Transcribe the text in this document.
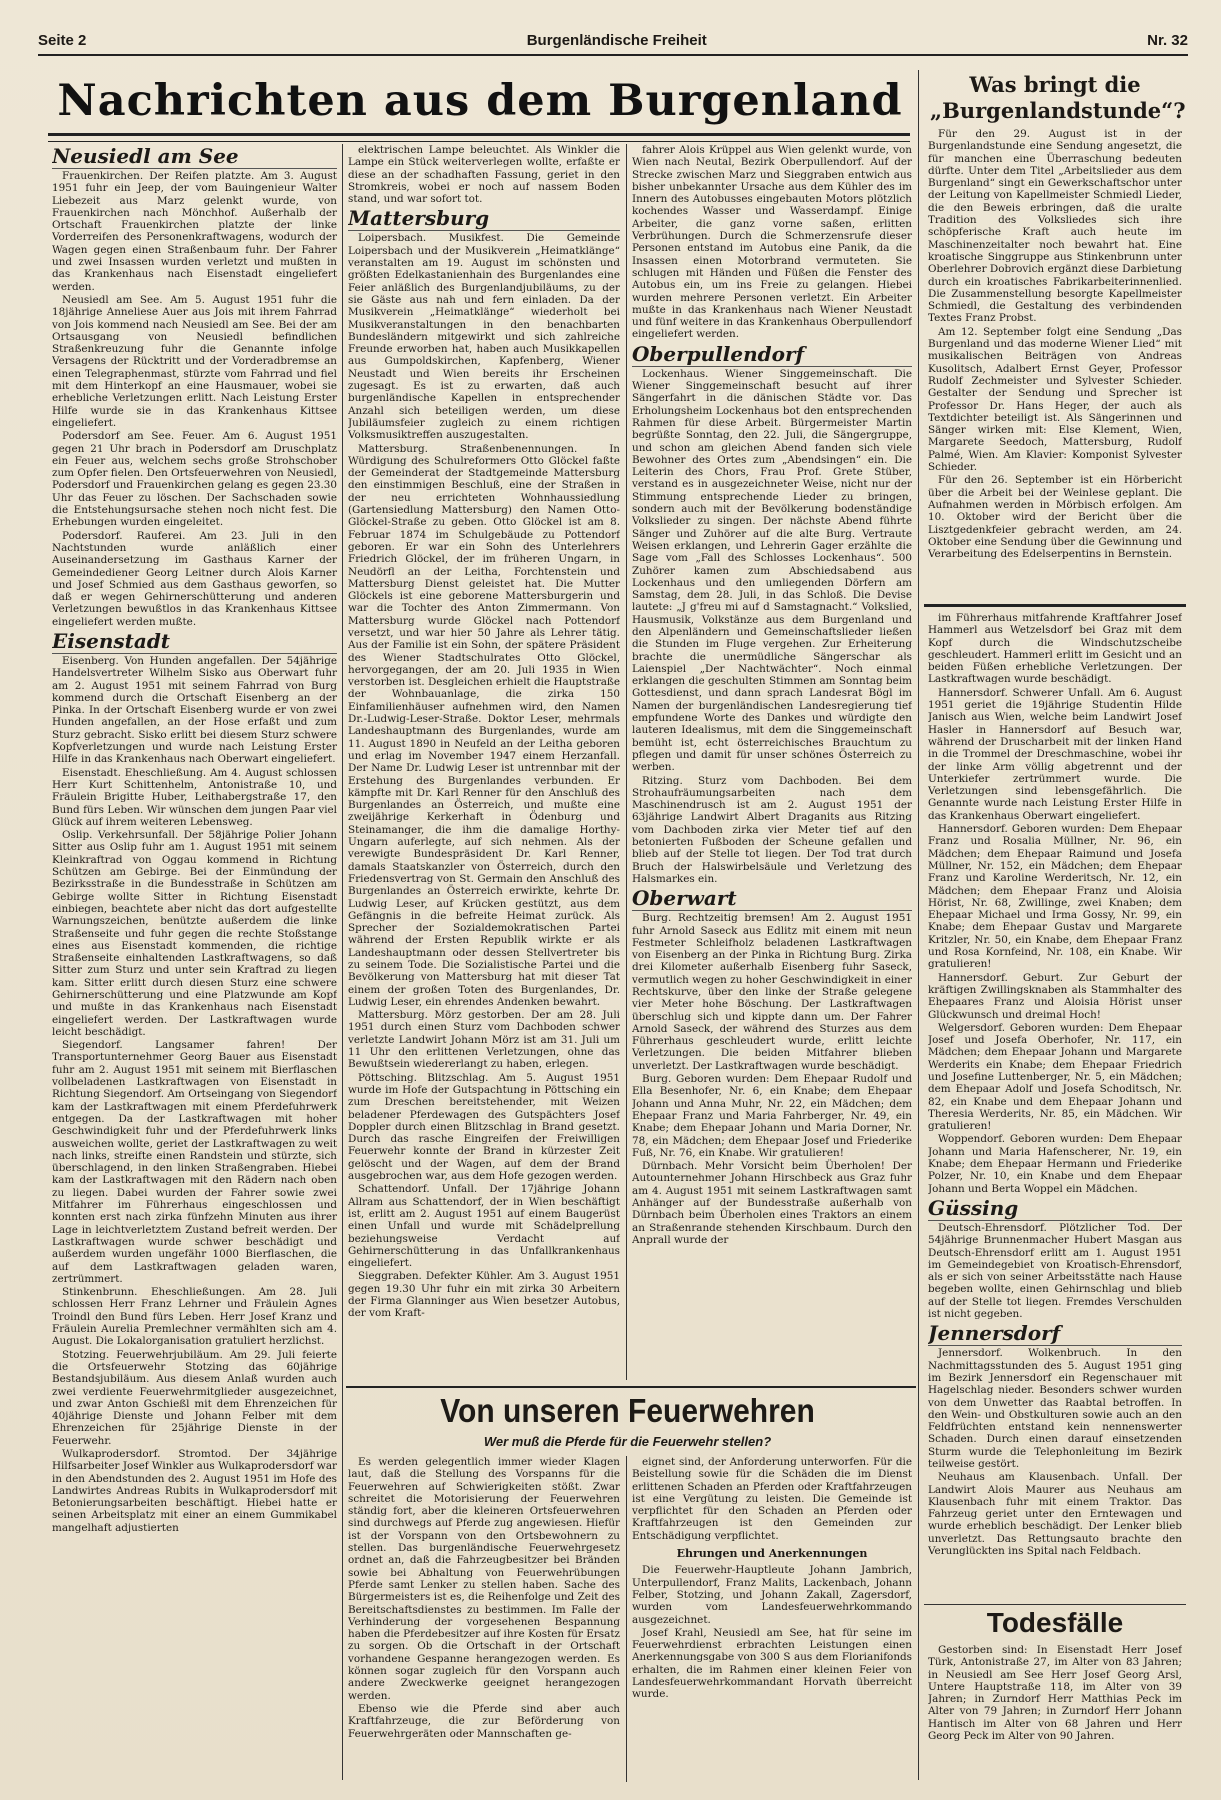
Seite 2	Burgenländische Freiheit	Nr. 32
Nachrichten aus dem Burgenland

Neusiedl am See

Frauenkirchen. Der Reifen platzte. Am 3. August 1951 fuhr ein Jeep, der vom Bauingenieur Walter Liebezeit aus Marz gelenkt wurde, von Frauenkirchen nach Mönchhof. Außerhalb der Ortschaft Frauenkirchen platzte der linke Vorderreifen des Personenkraftwagens, wodurch der Wagen gegen einen Straßenbaum fuhr. Der Fahrer und zwei Insassen wurden verletzt und mußten in das Krankenhaus nach Eisenstadt eingeliefert werden.

Neusiedl am See. Am 5. August 1951 fuhr die 18jährige Anneliese Auer aus Jois mit ihrem Fahrrad von Jois kommend nach Neusiedl am See. Bei der am Ortsausgang von Neusiedl befindlichen Straßenkreuzung fuhr die Genannte infolge Versagens der Rücktritt und der Vorderadbremse an einen Telegraphenmast, stürzte vom Fahrrad und fiel mit dem Hinterkopf an eine Hausmauer, wobei sie erhebliche Verletzungen erlitt. Nach Leistung Erster Hilfe wurde sie in das Krankenhaus Kittsee eingeliefert.

Podersdorf am See. Feuer. Am 6. August 1951 gegen 21 Uhr brach in Podersdorf am Druschplatz ein Feuer aus, welchem sechs große Strohschober zum Opfer fielen. Den Ortsfeuerwehren von Neusiedl, Podersdorf und Frauenkirchen gelang es gegen 23.30 Uhr das Feuer zu löschen. Der Sachschaden sowie die Entstehungsursache stehen noch nicht fest. Die Erhebungen wurden eingeleitet.

Podersdorf. Rauferei. Am 23. Juli in den Nachtstunden wurde anläßlich einer Auseinandersetzung im Gasthaus Karner der Gemeindediener Georg Leitner durch Alois Karner und Josef Schmied aus dem Gasthaus geworfen, so daß er wegen Gehirnerschütterung und anderen Verletzungen bewußtlos in das Krankenhaus Kittsee eingeliefert werden mußte.

Eisenstadt

Eisenberg. Von Hunden angefallen. Der 54jährige Handelsvertreter Wilhelm Sisko aus Oberwart fuhr am 2. August 1951 mit seinem Fahrrad von Burg kommend durch die Ortschaft Eisenberg an der Pinka. In der Ortschaft Eisenberg wurde er von zwei Hunden angefallen, an der Hose erfaßt und zum Sturz gebracht. Sisko erlitt bei diesem Sturz schwere Kopfverletzungen und wurde nach Leistung Erster Hilfe in das Krankenhaus nach Oberwart eingeliefert.

Eisenstadt. Eheschließung. Am 4. August schlossen Herr Kurt Schittenhelm, Antonistraße 10, und Fräulein Brigitte Huber, Leithabergstraße 17, den Bund fürs Leben. Wir wünschen dem jungen Paar viel Glück auf ihrem weiteren Lebensweg.

Oslip. Verkehrsunfall. Der 58jährige Polier Johann Sitter aus Oslip fuhr am 1. August 1951 mit seinem Kleinkraftrad von Oggau kommend in Richtung Schützen am Gebirge. Bei der Einmündung der Bezirksstraße in die Bundesstraße in Schützen am Gebirge wollte Sitter in Richtung Eisenstadt einbiegen, beachtete aber nicht das dort aufgestellte Warnungszeichen, benützte außerdem die linke Straßenseite und fuhr gegen die rechte Stoßstange eines aus Eisenstadt kommenden, die richtige Straßenseite einhaltenden Lastkraftwagens, so daß Sitter zum Sturz und unter sein Kraftrad zu liegen kam. Sitter erlitt durch diesen Sturz eine schwere Gehirnerschütterung und eine Platzwunde am Kopf und mußte in das Krankenhaus nach Eisenstadt eingeliefert werden. Der Lastkraftwagen wurde leicht beschädigt.

Siegendorf. Langsamer fahren! Der Transportunternehmer Georg Bauer aus Eisenstadt fuhr am 2. August 1951 mit seinem mit Bierflaschen vollbeladenen Lastkraftwagen von Eisenstadt in Richtung Siegendorf. Am Ortseingang von Siegendorf kam der Lastkraftwagen mit einem Pferdefuhrwerk entgegen. Da der Lastkraftwagen mit hoher Geschwindigkeit fuhr und der Pferdefuhrwerk links ausweichen wollte, geriet der Lastkraftwagen zu weit nach links, streifte einen Randstein und stürzte, sich überschlagend, in den linken Straßengraben. Hiebei kam der Lastkraftwagen mit den Rädern nach oben zu liegen. Dabei wurden der Fahrer sowie zwei Mitfahrer im Führerhaus eingeschlossen und konnten erst nach zirka fünfzehn Minuten aus ihrer Lage in leichtverletztem Zustand befreit werden. Der Lastkraftwagen wurde schwer beschädigt und außerdem wurden ungefähr 1000 Bierflaschen, die auf dem Lastkraftwagen geladen waren, zertrümmert.

Stinkenbrunn. Eheschließungen. Am 28. Juli schlossen Herr Franz Lehrner und Fräulein Agnes Troindl den Bund fürs Leben. Herr Josef Kranz und Fräulein Aurelia Premlechner vermählten sich am 4. August. Die Lokalorganisation gratuliert herzlichst.

Stotzing. Feuerwehrjubiläum. Am 29. Juli feierte die Ortsfeuerwehr Stotzing das 60jährige Bestandsjubiläum. Aus diesem Anlaß wurden auch zwei verdiente Feuerwehrmitglieder ausgezeichnet, und zwar Anton Gschießl mit dem Ehrenzeichen für 40jährige Dienste und Johann Felber mit dem Ehrenzeichen für 25jährige Dienste in der Feuerwehr.

Wulkaprodersdorf. Stromtod. Der 34jährige Hilfsarbeiter Josef Winkler aus Wulkaprodersdorf war in den Abendstunden des 2. August 1951 im Hofe des Landwirtes Andreas Rubits in Wulkaprodersdorf mit Betonierungsarbeiten beschäftigt. Hiebei hatte er seinen Arbeitsplatz mit einer an einem Gummikabel mangelhaft adjustierten

elektrischen Lampe beleuchtet. Als Winkler die Lampe ein Stück weiterverlegen wollte, erfaßte er diese an der schadhaften Fassung, geriet in den Stromkreis, wobei er noch auf nassem Boden stand, und war sofort tot.

Mattersburg

Loipersbach. Musikfest. Die Gemeinde Loipersbach und der Musikverein „Heimatklänge“ veranstalten am 19. August im schönsten und größten Edelkastanienhain des Burgenlandes eine Feier anläßlich des Burgenlandjubiläums, zu der sie Gäste aus nah und fern einladen. Da der Musikverein „Heimatklänge“ wiederholt bei Musikveranstaltungen in den benachbarten Bundesländern mitgewirkt und sich zahlreiche Freunde erworben hat, haben auch Musikkapellen aus Gumpoldskirchen, Kapfenberg, Wiener Neustadt und Wien bereits ihr Erscheinen zugesagt. Es ist zu erwarten, daß auch burgenländische Kapellen in entsprechender Anzahl sich beteiligen werden, um diese Jubiläumsfeier zugleich zu einem richtigen Volksmusiktreffen auszugestalten.

Mattersburg. Straßenbenennungen. In Würdigung des Schulreformers Otto Glöckel faßte der Gemeinderat der Stadtgemeinde Mattersburg den einstimmigen Beschluß, eine der Straßen in der neu errichteten Wohnhaussiedlung (Gartensiedlung Mattersburg) den Namen Otto-Glöckel-Straße zu geben. Otto Glöckel ist am 8. Februar 1874 im Schulgebäude zu Pottendorf geboren. Er war ein Sohn des Unterlehrers Friedrich Glöckel, der im früheren Ungarn, in Neudörfl an der Leitha, Forchtenstein und Mattersburg Dienst geleistet hat. Die Mutter Glöckels ist eine geborene Mattersburgerin und war die Tochter des Anton Zimmermann. Von Mattersburg wurde Glöckel nach Pottendorf versetzt, und war hier 50 Jahre als Lehrer tätig. Aus der Familie ist ein Sohn, der spätere Präsident des Wiener Stadtschulrates Otto Glöckel, hervorgegangen, der am 20. Juli 1935 in Wien verstorben ist. Desgleichen erhielt die Hauptstraße der Wohnbauanlage, die zirka 150 Einfamilienhäuser aufnehmen wird, den Namen Dr.-Ludwig-Leser-Straße. Doktor Leser, mehrmals Landeshauptmann des Burgenlandes, wurde am 11. August 1890 in Neufeld an der Leitha geboren und erlag im November 1947 einem Herzanfall. Der Name Dr. Ludwig Leser ist untrennbar mit der Erstehung des Burgenlandes verbunden. Er kämpfte mit Dr. Karl Renner für den Anschluß des Burgenlandes an Österreich, und mußte eine zweijährige Kerkerhaft in Ödenburg und Steinamanger, die ihm die damalige Horthy-Ungarn auferlegte, auf sich nehmen. Als der verewigte Bundespräsident Dr. Karl Renner, damals Staatskanzler von Österreich, durch den Friedensvertrag von St. Germain den Anschluß des Burgenlandes an Österreich erwirkte, kehrte Dr. Ludwig Leser, auf Krücken gestützt, aus dem Gefängnis in die befreite Heimat zurück. Als Sprecher der Sozialdemokratischen Partei während der Ersten Republik wirkte er als Landeshauptmann oder dessen Stellvertreter bis zu seinem Tode. Die Sozialistische Partei und die Bevölkerung von Mattersburg hat mit dieser Tat einem der großen Toten des Burgenlandes, Dr. Ludwig Leser, ein ehrendes Andenken bewahrt.

Mattersburg. Mörz gestorben. Der am 28. Juli 1951 durch einen Sturz vom Dachboden schwer verletzte Landwirt Johann Mörz ist am 31. Juli um 11 Uhr den erlittenen Verletzungen, ohne das Bewußtsein wiedererlangt zu haben, erlegen.

Pöttsching. Blitzschlag. Am 5. August 1951 wurde im Hofe der Gutspachtung in Pöttsching ein zum Dreschen bereitstehender, mit Weizen beladener Pferdewagen des Gutspächters Josef Doppler durch einen Blitzschlag in Brand gesetzt. Durch das rasche Eingreifen der Freiwilligen Feuerwehr konnte der Brand in kürzester Zeit gelöscht und der Wagen, auf dem der Brand ausgebrochen war, aus dem Hofe gezogen werden.

Schattendorf. Unfall. Der 17jährige Johann Allram aus Schattendorf, der in Wien beschäftigt ist, erlitt am 2. August 1951 auf einem Baugerüst einen Unfall und wurde mit Schädelprellung beziehungsweise Verdacht auf Gehirnerschütterung in das Unfallkrankenhaus eingeliefert.

Sieggraben. Defekter Kühler. Am 3. August 1951 gegen 19.30 Uhr fuhr ein mit zirka 30 Arbeitern der Firma Glanninger aus Wien besetzer Autobus, der vom Kraft-

fahrer Alois Krüppel aus Wien gelenkt wurde, von Wien nach Neutal, Bezirk Oberpullendorf. Auf der Strecke zwischen Marz und Sieggraben entwich aus bisher unbekannter Ursache aus dem Kühler des im Innern des Autobusses eingebauten Motors plötzlich kochendes Wasser und Wasserdampf. Einige Arbeiter, die ganz vorne saßen, erlitten Verbrühungen. Durch die Schmerzensrufe dieser Personen entstand im Autobus eine Panik, da die Insassen einen Motorbrand vermuteten. Sie schlugen mit Händen und Füßen die Fenster des Autobus ein, um ins Freie zu gelangen. Hiebei wurden mehrere Personen verletzt. Ein Arbeiter mußte in das Krankenhaus nach Wiener Neustadt und fünf weitere in das Krankenhaus Oberpullendorf eingeliefert werden.

Oberpullendorf

Lockenhaus. Wiener Singgemeinschaft. Die Wiener Singgemeinschaft besucht auf ihrer Sängerfahrt in die dänischen Städte vor. Das Erholungsheim Lockenhaus bot den entsprechenden Rahmen für diese Arbeit. Bürgermeister Martin begrüßte Sonntag, den 22. Juli, die Sängergruppe, und schon am gleichen Abend fanden sich viele Bewohner des Ortes zum „Abendsingen“ ein. Die Leiterin des Chors, Frau Prof. Grete Stüber, verstand es in ausgezeichneter Weise, nicht nur der Stimmung entsprechende Lieder zu bringen, sondern auch mit der Bevölkerung bodenständige Volkslieder zu singen. Der nächste Abend führte Sänger und Zuhörer auf die alte Burg. Vertraute Weisen erklangen, und Lehrerin Gager erzählte die Sage vom „Fall des Schlosses Lockenhaus“. 500 Zuhörer kamen zum Abschiedsabend aus Lockenhaus und den umliegenden Dörfern am Samstag, dem 28. Juli, in das Schloß. Die Devise lautete: „J g'freu mi auf d Samstagnacht.“ Volkslied, Hausmusik, Volkstänze aus dem Burgenland und den Alpenländern und Gemeinschaftslieder ließen die Stunden im Fluge vergehen. Zur Erheiterung brachte die unermüdliche Sängerschar als Laienspiel „Der Nachtwächter“. Noch einmal erklangen die geschulten Stimmen am Sonntag beim Gottesdienst, und dann sprach Landesrat Bögl im Namen der burgenländischen Landesregierung tief empfundene Worte des Dankes und würdigte den lauteren Idealismus, mit dem die Singgemeinschaft bemüht ist, echt österreichisches Brauchtum zu pflegen und damit für unser schönes Österreich zu werben.

Ritzing. Sturz vom Dachboden. Bei dem Strohaufräumungsarbeiten nach dem Maschinendrusch ist am 2. August 1951 der 63jährige Landwirt Albert Draganits aus Ritzing vom Dachboden zirka vier Meter tief auf den betonierten Fußboden der Scheune gefallen und blieb auf der Stelle tot liegen. Der Tod trat durch Bruch der Halswirbelsäule und Verletzung des Halsmarkes ein.

Oberwart

Burg. Rechtzeitig bremsen! Am 2. August 1951 fuhr Arnold Saseck aus Edlitz mit einem mit neun Festmeter Schleifholz beladenen Lastkraftwagen von Eisenberg an der Pinka in Richtung Burg. Zirka drei Kilometer außerhalb Eisenberg fuhr Saseck, vermutlich wegen zu hoher Geschwindigkeit in einer Rechtskurve, über den linke der Straße gelegene vier Meter hohe Böschung. Der Lastkraftwagen überschlug sich und kippte dann um. Der Fahrer Arnold Saseck, der während des Sturzes aus dem Führerhaus geschleudert wurde, erlitt leichte Verletzungen. Die beiden Mitfahrer blieben unverletzt. Der Lastkraftwagen wurde beschädigt.

Burg. Geboren wurden: Dem Ehepaar Rudolf und Ella Besenhofer, Nr. 6, ein Knabe; dem Ehepaar Johann und Anna Muhr, Nr. 22, ein Mädchen; dem Ehepaar Franz und Maria Fahrberger, Nr. 49, ein Knabe; dem Ehepaar Johann und Maria Dorner, Nr. 78, ein Mädchen; dem Ehepaar Josef und Friederike Fuß, Nr. 76, ein Knabe. Wir gratulieren!

Dürnbach. Mehr Vorsicht beim Überholen! Der Autounternehmer Johann Hirschbeck aus Graz fuhr am 4. August 1951 mit seinem Lastkraftwagen samt Anhänger auf der Bundesstraße außerhalb von Dürnbach beim Überholen eines Traktors an einem an Straßenrande stehenden Kirschbaum. Durch den Anprall wurde der

Was bringt die „Burgenlandstunde“?

Für den 29. August ist in der Burgenlandstunde eine Sendung angesetzt, die für manchen eine Überraschung bedeuten dürfte. Unter dem Titel „Arbeitslieder aus dem Burgenland“ singt ein Gewerkschaftschor unter der Leitung von Kapellmeister Schmiedl Lieder, die den Beweis erbringen, daß die uralte Tradition des Volksliedes sich ihre schöpferische Kraft auch heute im Maschinenzeitalter noch bewahrt hat. Eine kroatische Singgruppe aus Stinkenbrunn unter Oberlehrer Dobrovich ergänzt diese Darbietung durch ein kroatisches Fabrikarbeiterinnenlied. Die Zusammenstellung besorgte Kapellmeister Schmiedl, die Gestaltung des verbindenden Textes Franz Probst.

Am 12. September folgt eine Sendung „Das Burgenland und das moderne Wiener Lied“ mit musikalischen Beiträgen von Andreas Kusolitsch, Adalbert Ernst Geyer, Professor Rudolf Zechmeister und Sylvester Schieder. Gestalter der Sendung und Sprecher ist Professor Dr. Hans Heger, der auch als Textdichter beteiligt ist. Als Sängerinnen und Sänger wirken mit: Else Klement, Wien, Margarete Seedoch, Mattersburg, Rudolf Palmé, Wien. Am Klavier: Komponist Sylvester Schieder.

Für den 26. September ist ein Hörbericht über die Arbeit bei der Weinlese geplant. Die Aufnahmen werden in Mörbisch erfolgen. Am 10. Oktober wird der Bericht über die Lisztgedenkfeier gebracht werden, am 24. Oktober eine Sendung über die Gewinnung und Verarbeitung des Edelserpentins in Bernstein.

im Führerhaus mitfahrende Kraftfahrer Josef Hammerl aus Wetzelsdorf bei Graz mit dem Kopf durch die Windschutzscheibe geschleudert. Hammerl erlitt im Gesicht und an beiden Füßen erhebliche Verletzungen. Der Lastkraftwagen wurde beschädigt.

Hannersdorf. Schwerer Unfall. Am 6. August 1951 geriet die 19jährige Studentin Hilde Janisch aus Wien, welche beim Landwirt Josef Hasler in Hannersdorf auf Besuch war, während der Druscharbeit mit der linken Hand in die Trommel der Dreschmaschine, wobei ihr der linke Arm völlig abgetrennt und der Unterkiefer zertrümmert wurde. Die Verletzungen sind lebensgefährlich. Die Genannte wurde nach Leistung Erster Hilfe in das Krankenhaus Oberwart eingeliefert.

Hannersdorf. Geboren wurden: Dem Ehepaar Franz und Rosalia Müllner, Nr. 96, ein Mädchen; dem Ehepaar Raimund und Josefa Müllner, Nr. 152, ein Mädchen; dem Ehepaar Franz und Karoline Werderitsch, Nr. 12, ein Mädchen; dem Ehepaar Franz und Aloisia Hörist, Nr. 68, Zwillinge, zwei Knaben; dem Ehepaar Michael und Irma Gossy, Nr. 99, ein Knabe; dem Ehepaar Gustav und Margarete Kritzler, Nr. 50, ein Knabe, dem Ehepaar Franz und Rosa Kornfeind, Nr. 108, ein Knabe. Wir gratulieren!

Hannersdorf. Geburt. Zur Geburt der kräftigen Zwillingsknaben als Stammhalter des Ehepaares Franz und Aloisia Hörist unser Glückwunsch und dreimal Hoch!

Welgersdorf. Geboren wurden: Dem Ehepaar Josef und Josefa Oberhofer, Nr. 117, ein Mädchen; dem Ehepaar Johann und Margarete Werderits ein Knabe; dem Ehepaar Friedrich und Josefine Luttenberger, Nr. 5, ein Mädchen; dem Ehepaar Adolf und Josefa Schoditsch, Nr. 82, ein Knabe und dem Ehepaar Johann und Theresia Werderits, Nr. 85, ein Mädchen. Wir gratulieren!

Woppendorf. Geboren wurden: Dem Ehepaar Johann und Maria Hafenscherer, Nr. 19, ein Knabe; dem Ehepaar Hermann und Friederike Polzer, Nr. 10, ein Knabe und dem Ehepaar Johann und Berta Woppel ein Mädchen.

Güssing

Deutsch-Ehrensdorf. Plötzlicher Tod. Der 54jährige Brunnenmacher Hubert Masgan aus Deutsch-Ehrensdorf erlitt am 1. August 1951 im Gemeindegebiet von Kroatisch-Ehrensdorf, als er sich von seiner Arbeitsstätte nach Hause begeben wollte, einen Gehirnschlag und blieb auf der Stelle tot liegen. Fremdes Verschulden ist nicht gegeben.

Jennersdorf

Jennersdorf. Wolkenbruch. In den Nachmittagsstunden des 5. August 1951 ging im Bezirk Jennersdorf ein Regenschauer mit Hagelschlag nieder. Besonders schwer wurden von dem Unwetter das Raabtal betroffen. In den Wein- und Obstkulturen sowie auch an den Feldfrüchten entstand kein nennenswerter Schaden. Durch einen darauf einsetzenden Sturm wurde die Telephonleitung im Bezirk teilweise gestört.

Neuhaus am Klausenbach. Unfall. Der Landwirt Alois Maurer aus Neuhaus am Klausenbach fuhr mit einem Traktor. Das Fahrzeug geriet unter den Erntewagen und wurde erheblich beschädigt. Der Lenker blieb unverletzt. Das Rettungsauto brachte den Verunglückten ins Spital nach Feldbach.

Todesfälle

Gestorben sind: In Eisenstadt Herr Josef Türk, Antonistraße 27, im Alter von 83 Jahren; in Neusiedl am See Herr Josef Georg Arsl, Untere Hauptstraße 118, im Alter von 39 Jahren; in Zurndorf Herr Matthias Peck im Alter von 79 Jahren; in Zurndorf Herr Johann Hantisch im Alter von 68 Jahren und Herr Georg Peck im Alter von 90 Jahren.

Von unseren Feuerwehren
Wer muß die Pferde für die Feuerwehr stellen?

Es werden gelegentlich immer wieder Klagen laut, daß die Stellung des Vorspanns für die Feuerwehren auf Schwierigkeiten stößt. Zwar schreitet die Motorisierung der Feuerwehren ständig fort, aber die kleineren Ortsfeuerwehren sind durchwegs auf Pferde zug angewiesen. Hiefür ist der Vorspann von den Ortsbewohnern zu stellen. Das burgenländische Feuerwehrgesetz ordnet an, daß die Fahrzeugbesitzer bei Bränden sowie bei Abhaltung von Feuerwehrübungen Pferde samt Lenker zu stellen haben. Sache des Bürgermeisters ist es, die Reihenfolge und Zeit des Bereitschaftsdienstes zu bestimmen. Im Falle der Verhinderung der vorgesehenen Bespannung haben die Pferdebesitzer auf ihre Kosten für Ersatz zu sorgen. Ob die Ortschaft in der Ortschaft vorhandene Gespanne herangezogen werden. Es können sogar zugleich für den Vorspann auch andere Zweckwerke geeignet herangezogen werden.

Ebenso wie die Pferde sind aber auch Kraftfahrzeuge, die zur Beförderung von Feuerwehrgeräten oder Mannschaften ge-

eignet sind, der Anforderung unterworfen. Für die Beistellung sowie für die Schäden die im Dienst erlittenen Schaden an Pferden oder Kraftfahrzeugen ist eine Vergütung zu leisten. Die Gemeinde ist verpflichtet für den Schaden an Pferden oder Kraftfahrzeugen ist den Gemeinden zur Entschädigung verpflichtet.

Ehrungen und Anerkennungen

Die Feuerwehr-Hauptleute Johann Jambrich, Unterpullendorf, Franz Malits, Lackenbach, Johann Felber, Stotzing, und Johann Zakall, Zagersdorf, wurden vom Landesfeuerwehrkommando ausgezeichnet.

Josef Krahl, Neusiedl am See, hat für seine im Feuerwehrdienst erbrachten Leistungen einen Anerkennungsgabe von 300 S aus dem Florianifonds erhalten, die im Rahmen einer kleinen Feier von Landesfeuerwehrkommandant Horvath überreicht wurde.
